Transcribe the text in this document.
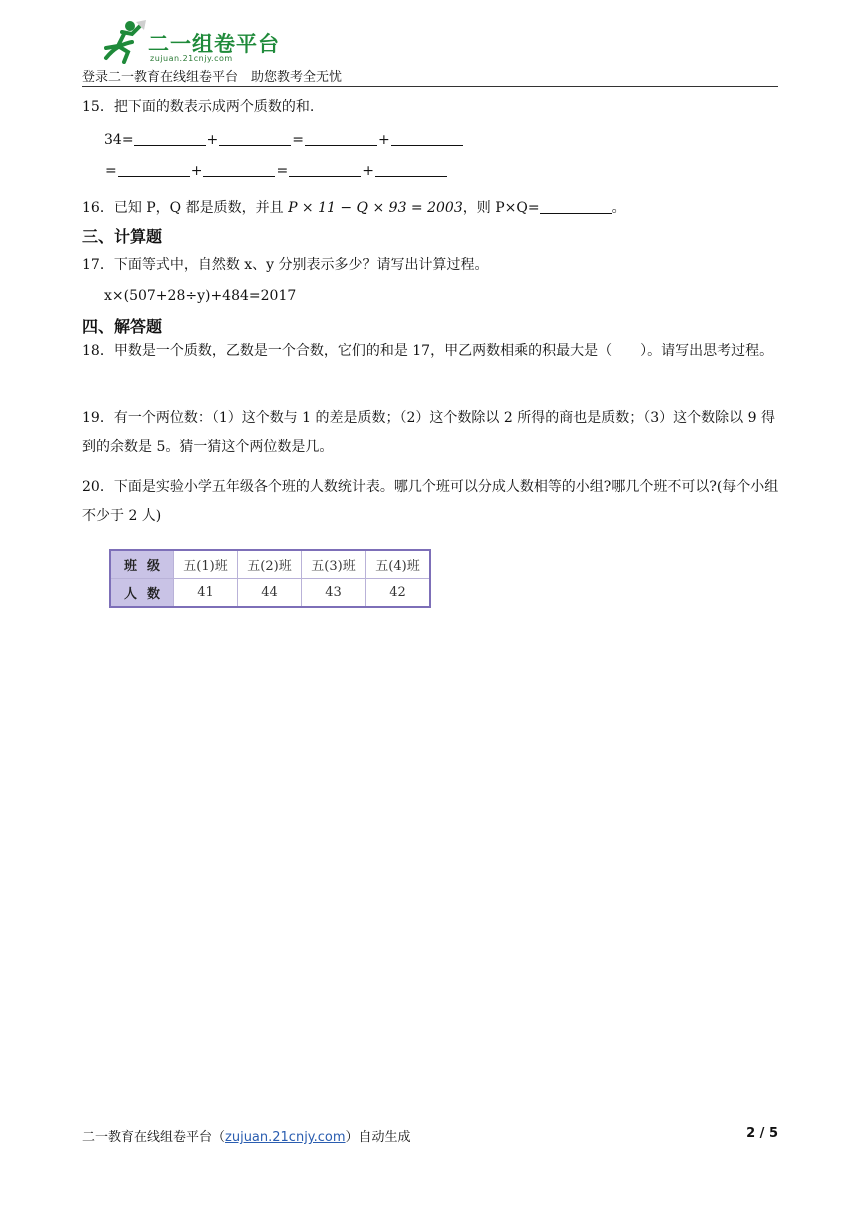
二一组卷平台
zujuan.21cnjy.com
登录二一教育在线组卷平台　助您教考全无忧
15．把下面的数表示成两个质数的和.
34=	+	=	+
=	+	=	+
16．已知 P，Q 都是质数，并且 P × 11 − Q × 93 = 2003，则 P×Q=	。
三、计算题
17．下面等式中，自然数 x、y 分别表示多少？请写出计算过程。
x×(507+28÷y)+484=2017
四、解答题
18．甲数是一个质数，乙数是一个合数，它们的和是 17，甲乙两数相乘的积最大是（　　）。请写出思考过程。
19．有一个两位数：（1）这个数与 1 的差是质数；（2）这个数除以 2 所得的商也是质数；（3）这个数除以 9 得到的余数是 5。猜一猜这个两位数是几。
20．下面是实验小学五年级各个班的人数统计表。哪几个班可以分成人数相等的小组?哪几个班不可以?(每个小组不少于 2 人)
班级	五(1)班	五(2)班	五(3)班	五(4)班
人数	41	44	43	42
二一教育在线组卷平台（zujuan.21cnjy.com）自动生成	2 / 5
